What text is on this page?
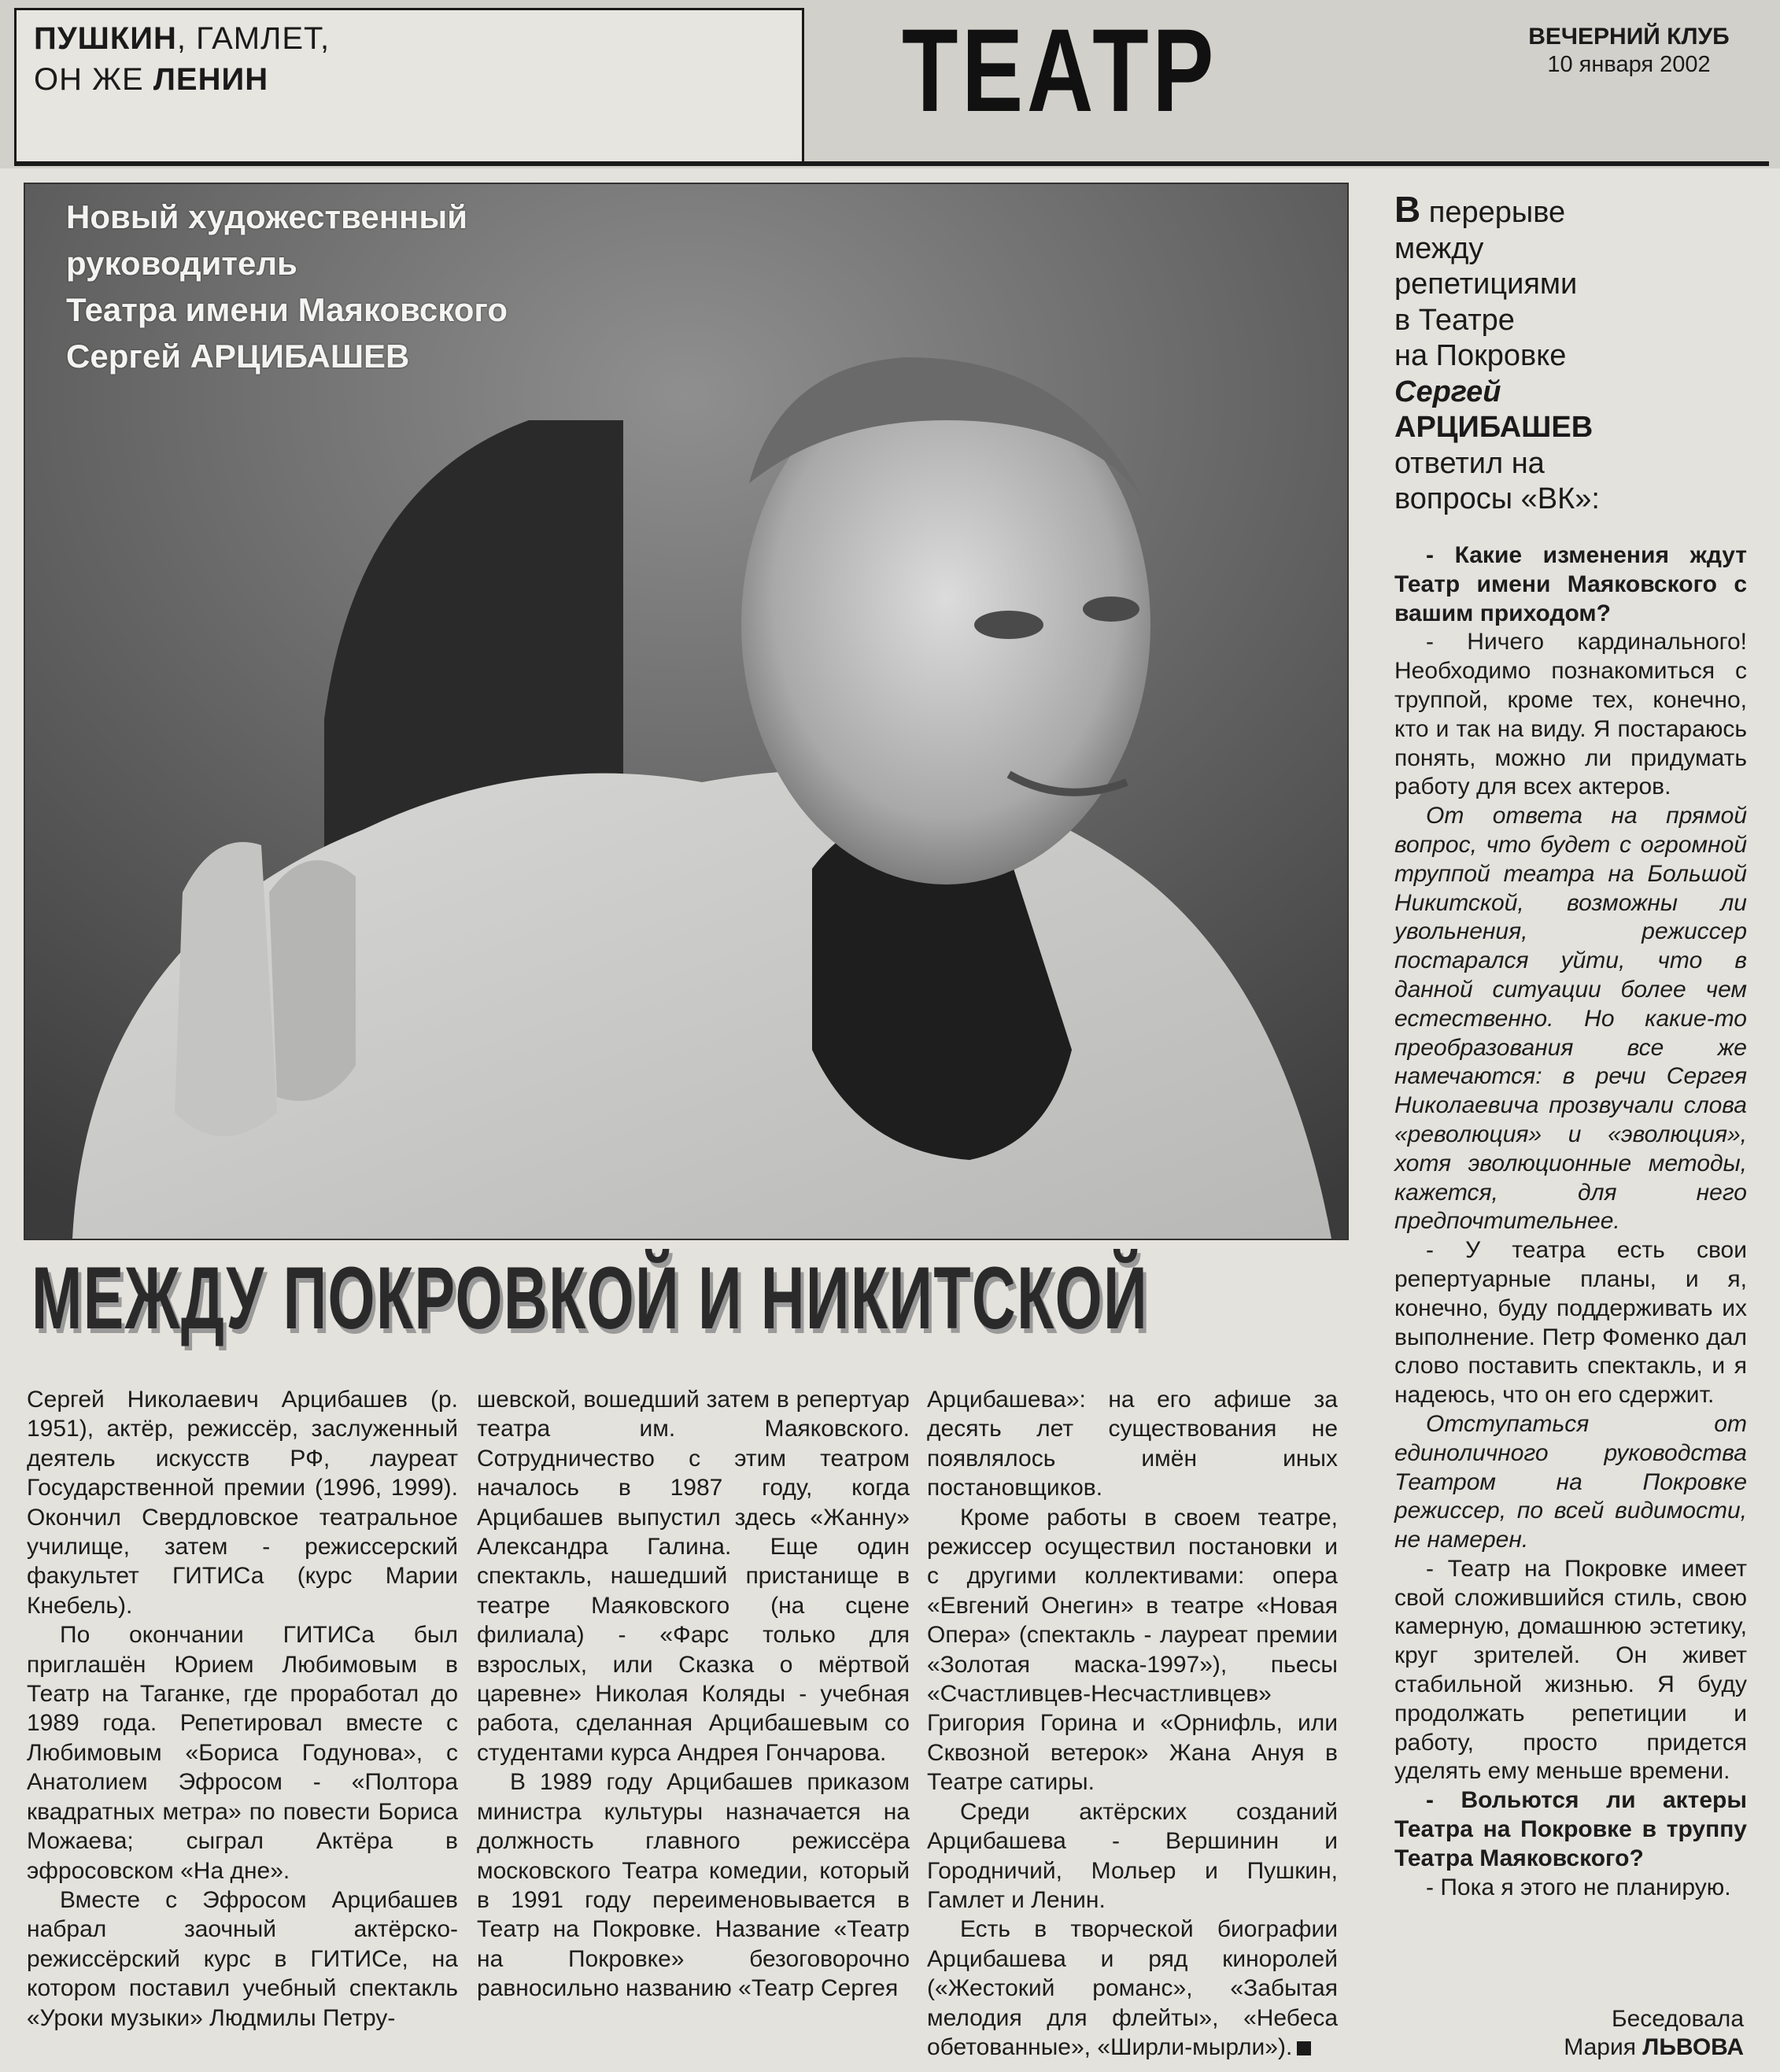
ПУШКИН, ГАМЛЕТ,
ОН ЖЕ ЛЕНИН	ТЕАТР	ВЕЧЕРНИЙ КЛУБ
10 января 2002
Новый художественный
руководитель
Театра имени Маяковского
Сергей АРЦИБАШЕВ
МЕЖДУ ПОКРОВКОЙ И НИКИТСКОЙ

Сергей Николаевич Арцибашев (р. 1951), актёр, режиссёр, заслуженный деятель искусств РФ, лауреат Государственной премии (1996, 1999). Окончил Свердловское театральное училище, затем - режиссерский факультет ГИТИСа (курс Марии Кнебель).

По окончании ГИТИСа был приглашён Юрием Любимовым в Театр на Таганке, где проработал до 1989 года. Репетировал вместе с Любимовым «Бориса Годунова», с Анатолием Эфросом - «Полтора квадратных метра» по повести Бориса Можаева; сыграл Актёра в эфросовском «На дне».

Вместе с Эфросом Арцибашев набрал заочный актёрско-режиссёрский курс в ГИТИСе, на котором поставил учебный спектакль «Уроки музыки» Людмилы Петру-

шевской, вошедший затем в репертуар театра им. Маяковского. Сотрудничество с этим театром началось в 1987 году, когда Арцибашев выпустил здесь «Жанну» Александра Галина. Еще один спектакль, нашедший пристанище в театре Маяковского (на сцене филиала) - «Фарс только для взрослых, или Сказка о мёртвой царевне» Николая Коляды - учебная работа, сделанная Арцибашевым со студентами курса Андрея Гончарова.

В 1989 году Арцибашев приказом министра культуры назначается на должность главного режиссёра московского Театра комедии, который в 1991 году переименовывается в Театр на Покровке. Название «Театр на Покровке» безоговорочно равносильно названию «Театр Сергея

Арцибашева»: на его афише за десять лет существования не появлялось имён иных постановщиков.

Кроме работы в своем театре, режиссер осуществил постановки и с другими коллективами: опера «Евгений Онегин» в театре «Новая Опера» (спектакль - лауреат премии «Золотая маска-1997»), пьесы «Счастливцев-Несчастливцев» Григория Горина и «Орнифль, или Сквозной ветерок» Жана Ануя в Театре сатиры.

Среди актёрских созданий Арцибашева - Вершинин и Городничий, Мольер и Пушкин, Гамлет и Ленин.

Есть в творческой биографии Арцибашева и ряд киноролей («Жестокий романс», «Забытая мелодия для флейты», «Небеса обетованные», «Ширли-мырли»).

В перерыве
между
репетициями
в Театре
на Покровке
Сергей
АРЦИБАШЕВ
ответил на
вопросы «ВК»:

- Какие изменения ждут Театр имени Маяковского с вашим приходом?

- Ничего кардинального! Необходимо познакомиться с труппой, кроме тех, конечно, кто и так на виду. Я постараюсь понять, можно ли придумать работу для всех актеров.

От ответа на прямой вопрос, что будет с огромной труппой театра на Большой Никитской, возможны ли увольнения, режиссер постарался уйти, что в данной ситуации более чем естественно. Но какие-то преобразования все же намечаются: в речи Сергея Николаевича прозвучали слова «революция» и «эволюция», хотя эволюционные методы, кажется, для него предпочтительнее.

- У театра есть свои репертуарные планы, и я, конечно, буду поддерживать их выполнение. Петр Фоменко дал слово поставить спектакль, и я надеюсь, что он его сдержит.

Отступаться от единоличного руководства Театром на Покровке режиссер, по всей видимости, не намерен.

- Театр на Покровке имеет свой сложившийся стиль, свою камерную, домашнюю эстетику, круг зрителей. Он живет стабильной жизнью. Я буду продолжать репетиции и работу, просто придется уделять ему меньше времени.

- Вольются ли актеры Театра на Покровке в труппу Театра Маяковского?

- Пока я этого не планирую.

Беседовала
Мария ЛЬВОВА
